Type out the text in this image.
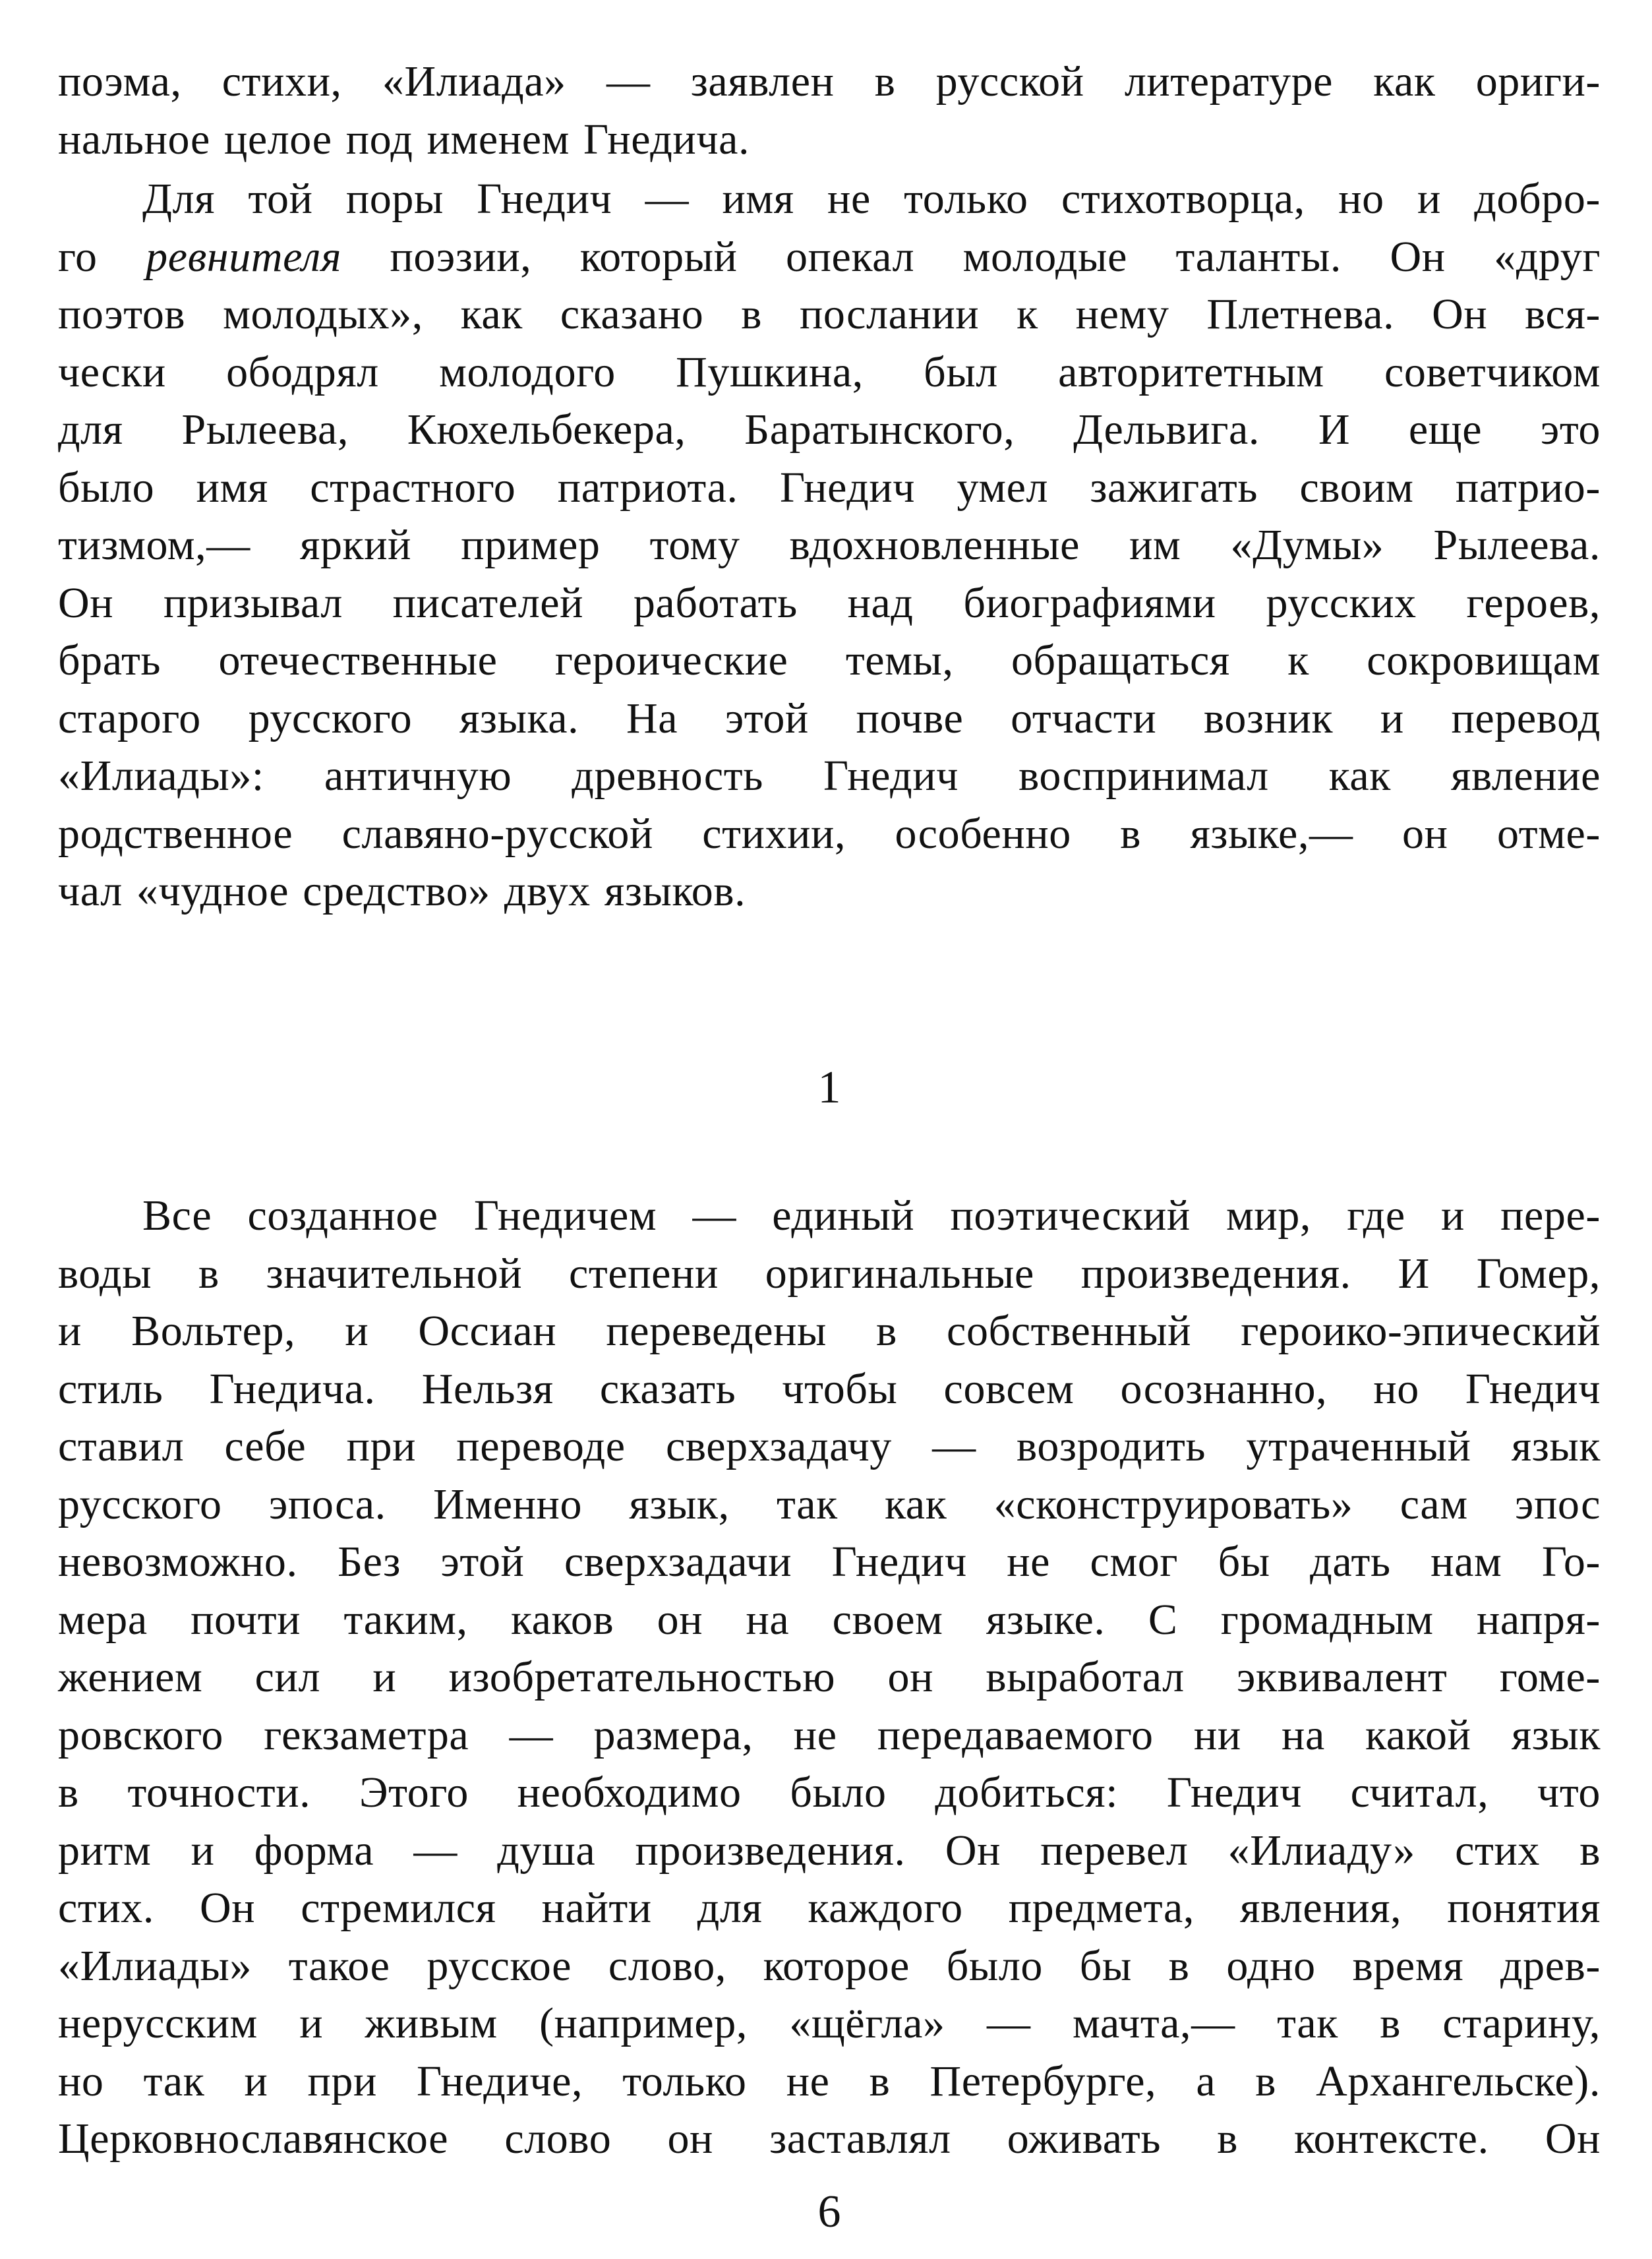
поэма, стихи, «Илиада» — заявлен в русской литературе как ориги-
нальное целое под именем Гнедича.
Для той поры Гнедич — имя не только стихотворца, но и добро-
го ревнителя поэзии, который опекал молодые таланты. Он «друг
поэтов молодых», как сказано в послании к нему Плетнева. Он вся-
чески ободрял молодого Пушкина, был авторитетным советчиком
для Рылеева, Кюхельбекера, Баратынского, Дельвига. И еще это
было имя страстного патриота. Гнедич умел зажигать своим патрио-
тизмом,— яркий пример тому вдохновленные им «Думы» Рылеева.
Он призывал писателей работать над биографиями русских героев,
брать отечественные героические темы, обращаться к сокровищам
старого русского языка. На этой почве отчасти возник и перевод
«Илиады»: античную древность Гнедич воспринимал как явление
родственное славяно-русской стихии, особенно в языке,— он отме-
чал «чудное средство» двух языков.
1
Все созданное Гнедичем — единый поэтический мир, где и пере-
воды в значительной степени оригинальные произведения. И Гомер,
и Вольтер, и Оссиан переведены в собственный героико-эпический
стиль Гнедича. Нельзя сказать чтобы совсем осознанно, но Гнедич
ставил себе при переводе сверхзадачу — возродить утраченный язык
русского эпоса. Именно язык, так как «сконструировать» сам эпос
невозможно. Без этой сверхзадачи Гнедич не смог бы дать нам Го-
мера почти таким, каков он на своем языке. С громадным напря-
жением сил и изобретательностью он выработал эквивалент гоме-
ровского гекзаметра — размера, не передаваемого ни на какой язык
в точности. Этого необходимо было добиться: Гнедич считал, что
ритм и форма — душа произведения. Он перевел «Илиаду» стих в
стих. Он стремился найти для каждого предмета, явления, понятия
«Илиады» такое русское слово, которое было бы в одно время древ-
нерусским и живым (например, «щёгла» — мачта,— так в старину,
но так и при Гнедиче, только не в Петербурге, а в Архангельске).
Церковнославянское слово он заставлял оживать в контексте. Он
6
